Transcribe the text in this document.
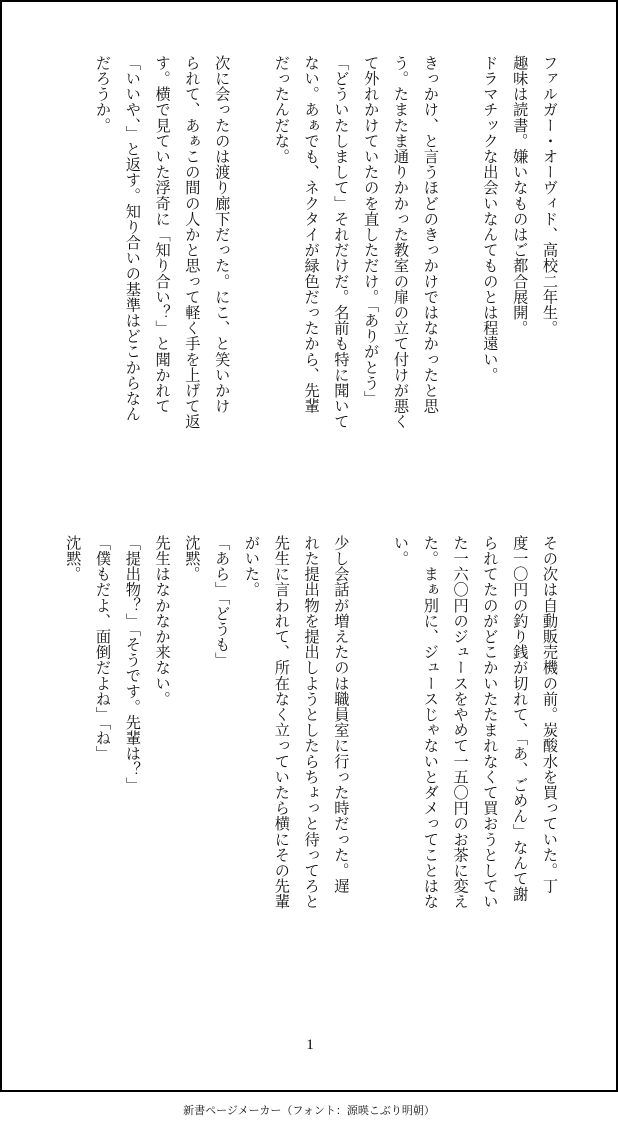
ファルガー・オーヴィド、高校二年生。
趣味は読書。嫌いなものはご都合展開。
ドラマチックな出会いなんてものとは程遠い。
きっかけ、と言うほどのきっかけではなかったと思
う。たまたま通りかかった教室の扉の立て付けが悪く
て外れかけていたのを直しただけ。「ありがとう」
「どういたしまして」それだけだ。名前も特に聞いて
ない。あぁでも、ネクタイが緑色だったから、先輩
だったんだな。
次に会ったのは渡り廊下だった。にこ、と笑いかけ
られて、あぁこの間の人かと思って軽く手を上げて返
す。横で見ていた浮奇に「知り合い？」と聞かれて
「いいや、」と返す。知り合いの基準はどこからなん
だろうか。
その次は自動販売機の前。炭酸水を買っていた。丁
度一〇円の釣り銭が切れて、「あ、ごめん」なんて謝
られてたのがどこかいたたまれなくて買おうとしてい
た一六〇円のジュースをやめて一五〇円のお茶に変え
た。まぁ別に、ジュースじゃないとダメってことはな
い。
少し会話が増えたのは職員室に行った時だった。遅
れた提出物を提出しようとしたらちょっと待ってろと
先生に言われて、所在なく立っていたら横にその先輩
がいた。
「あら」「どうも」
沈黙。
先生はなかなか来ない。
「提出物？」「そうです。先輩は？」
「僕もだよ、面倒だよね」「ね」
沈黙。
1
新書ページメーカー（フォント：源暎こぶり明朝）
